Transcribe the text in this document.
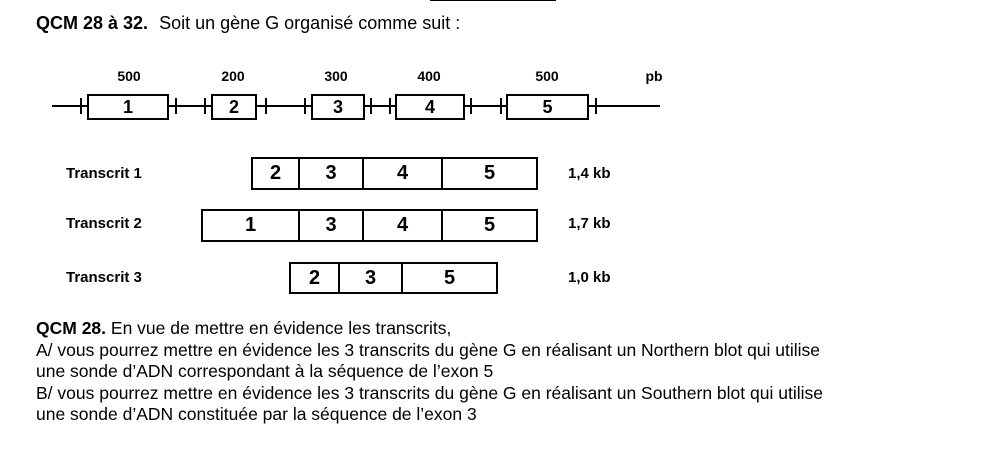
QCM 28 à 32. Soit un gène G organisé comme suit :
500	200	300	400	500	pb
1	2	3	4	5
Transcrit 1	2	3	4	5	1,4 kb
Transcrit 2	1	3	4	5	1,7 kb
Transcrit 3	2	3	5	1,0 kb

QCM 28. En vue de mettre en évidence les transcrits,

A/ vous pourrez mettre en évidence les 3 transcrits du gène G en réalisant un Northern blot qui utilise

une sonde d’ADN correspondant à la séquence de l’exon 5

B/ vous pourrez mettre en évidence les 3 transcrits du gène G en réalisant un Southern blot qui utilise

une sonde d’ADN constituée par la séquence de l’exon 3
